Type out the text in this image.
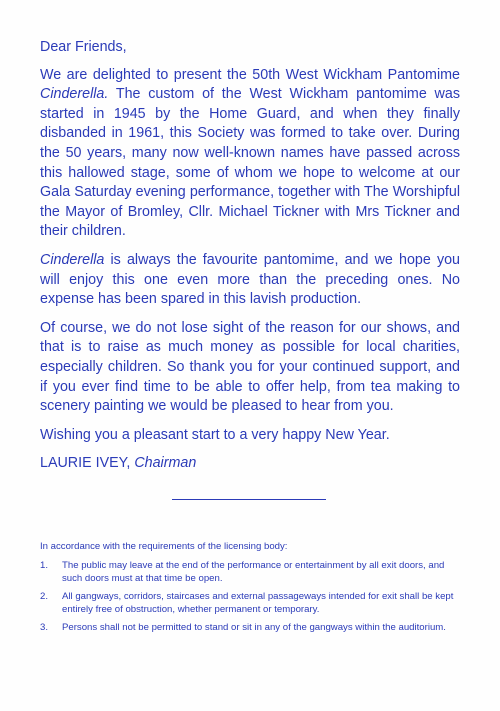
Dear Friends,

We are delighted to present the 50th West Wickham Pantomime Cinderella. The custom of the West Wickham pantomime was started in 1945 by the Home Guard, and when they finally disbanded in 1961, this Society was formed to take over. During the 50 years, many now well-known names have passed across this hallowed stage, some of whom we hope to welcome at our Gala Saturday evening performance, together with The Worshipful the Mayor of Bromley, Cllr. Michael Tickner with Mrs Tickner and their children.

Cinderella is always the favourite pantomime, and we hope you will enjoy this one even more than the preceding ones. No expense has been spared in this lavish production.

Of course, we do not lose sight of the reason for our shows, and that is to raise as much money as possible for local charities, especially children. So thank you for your continued support, and if you ever find time to be able to offer help, from tea making to scenery painting we would be pleased to hear from you.

Wishing you a pleasant start to a very happy New Year.

LAURIE IVEY, Chairman

In accordance with the requirements of the licensing body:

1. The public may leave at the end of the performance or entertainment by all exit doors, and such doors must at that time be open.
2. All gangways, corridors, staircases and external passageways intended for exit shall be kept entirely free of obstruction, whether permanent or temporary.
3. Persons shall not be permitted to stand or sit in any of the gangways within the auditorium.
